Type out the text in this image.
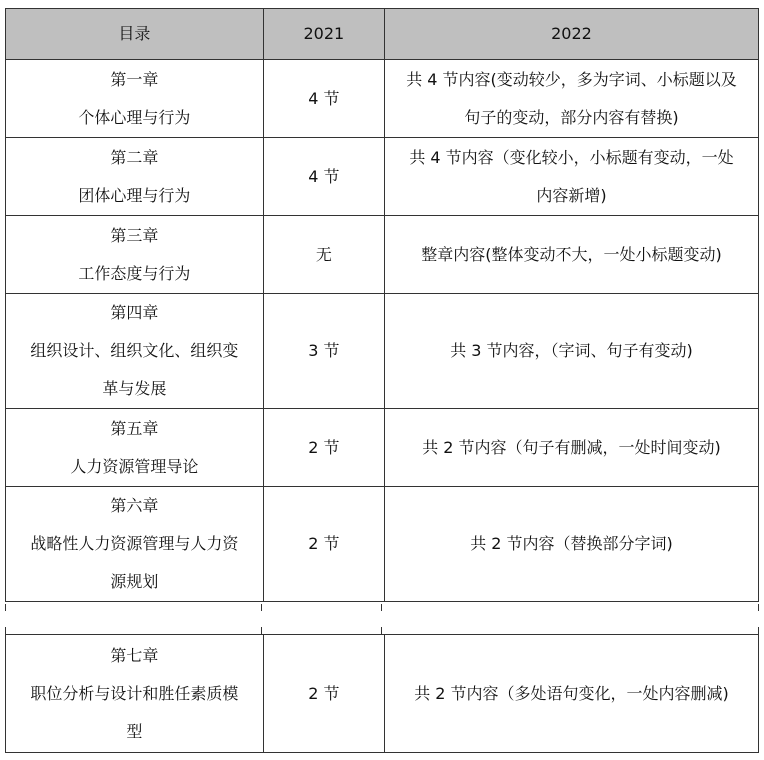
目录	2021	2022

第一章
个体心理与行为	4 节	共 4 节内容(变动较少，多为字词、小标题以及
句子的变动，部分内容有替换)

第二章
团体心理与行为	4 节	共 4 节内容（变化较小，小标题有变动，一处
内容新增)

第三章
工作态度与行为	无	整章内容(整体变动不大，一处小标题变动)

第四章
组织设计、组织文化、组织变
革与发展	3 节	共 3 节内容，（字词、句子有变动)

第五章
人力资源管理导论	2 节	共 2 节内容（句子有删减，一处时间变动)

第六章
战略性人力资源管理与人力资
源规划	2 节	共 2 节内容（替换部分字词)
第七章
职位分析与设计和胜任素质模
型
	2 节	共 2 节内容（多处语句变化，一处内容删减)
